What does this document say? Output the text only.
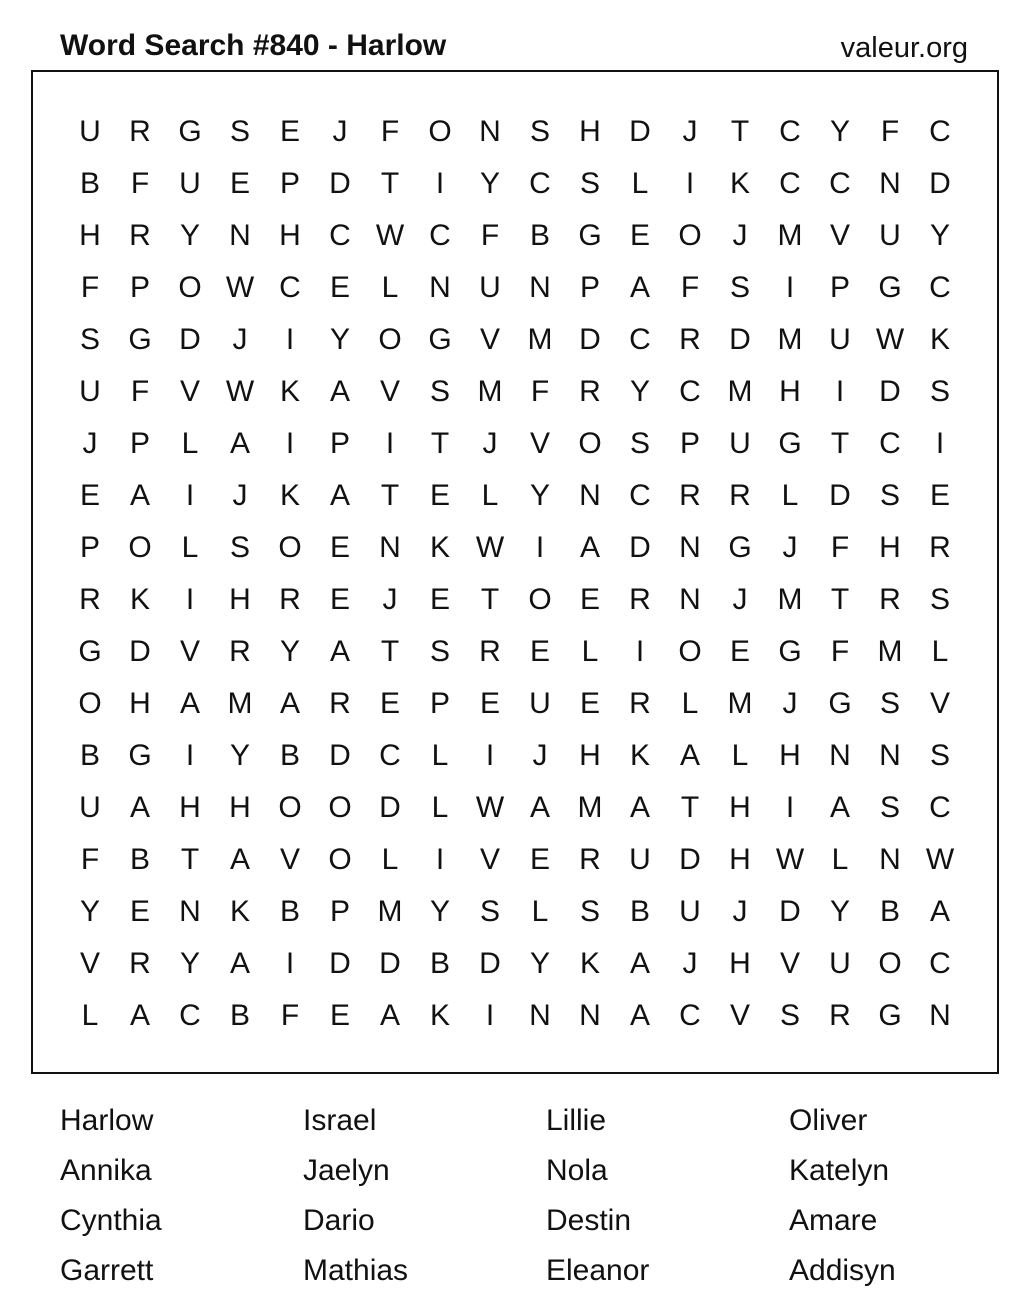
Word Search #840 - Harlow	valeur.org
U R G S E	J	F O N S H D	J	T	C Y	F	C
B	F	U E P D	T	I	Y C S	L	I	K C C N D
H R Y N H C W C	F	B G E O	J	M V U Y
F	P O W C E	L	N U N P A	F	S	I	P G C
S G D	J	I	Y O G V M D C R D M U W K
U	F	V W K A V S M F	R Y C M H	I	D S
J	P	L	A	I	P	I	T	J	V O S P U G T	C	I
E A	I	J	K A	T	E	L	Y N C R R	L	D S E
P O L	S O E N K W	I	A D N G	J	F	H R
R K	I	H R E	J	E	T O E R N	J	M T	R S
G D V R Y A	T	S R E	L	I	O E G F M L
O H A M A R E P E U E R	L M	J	G S V
B G	I	Y B D C	L	I	J	H K A	L	H N N S
U A H H O O D	L W A M A	T	H	I	A S C
F	B	T	A V O L	I	V E R U D H W L	N W
Y E N K B P M Y S	L	S B U	J	D Y B A
V R Y A	I	D D B D Y K A	J	H V U O C
L	A C B	F	E A K	I	N N A C V S R G N
Harlow	Israel	Lillie	Oliver
Annika	Jaelyn	Nola	Katelyn
Cynthia	Dario	Destin	Amare
Garrett	Mathias	Eleanor	Addisyn
